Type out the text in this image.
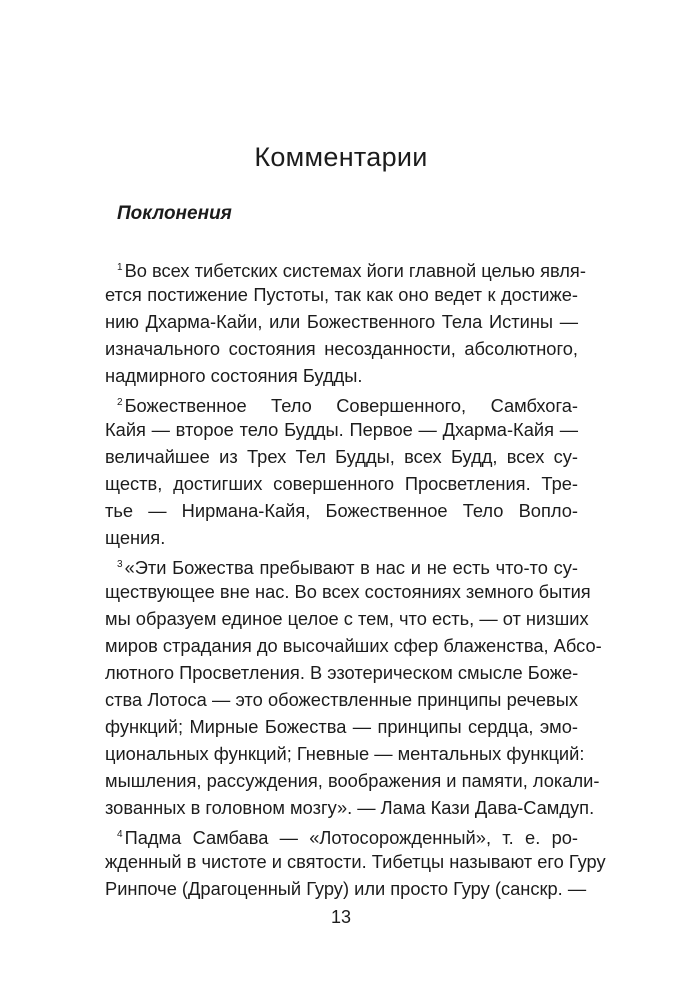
Комментарии
Поклонения
$^1$ Во всех тибетских системах йоги главной целью явля-
ется постижение Пустоты, так как оно ведет к достиже-
нию Дхарма-Кайи, или Божественного Тела Истины —
изначального состояния несозданности, абсолютного,
надмирного состояния Будды.
$^2$ Божественное Тело Совершенного, Самбхога-
Кайя — второе тело Будды. Первое — Дхарма-Кайя —
величайшее из Трех Тел Будды, всех Будд, всех су-
ществ, достигших совершенного Просветления. Тре-
тье — Нирмана-Кайя, Божественное Тело Вопло-
щения.
$^3$ «Эти Божества пребывают в нас и не есть что-то су-
ществующее вне нас. Во всех состояниях земного бытия
мы образуем единое целое с тем, что есть, — от низших
миров страдания до высочайших сфер блаженства, Абсо-
лютного Просветления. В эзотерическом смысле Боже-
ства Лотоса — это обожествленные принципы речевых
функций; Мирные Божества — принципы сердца, эмо-
циональных функций; Гневные — ментальных функций:
мышления, рассуждения, воображения и памяти, локали-
зованных в головном мозгу». — Лама Кази Дава-Самдуп.
$^4$ Падма Самбава — «Лотосорожденный», т. е. ро-
жденный в чистоте и святости. Тибетцы называют его Гуру
Ринпоче (Драгоценный Гуру) или просто Гуру (санскр. —
13
